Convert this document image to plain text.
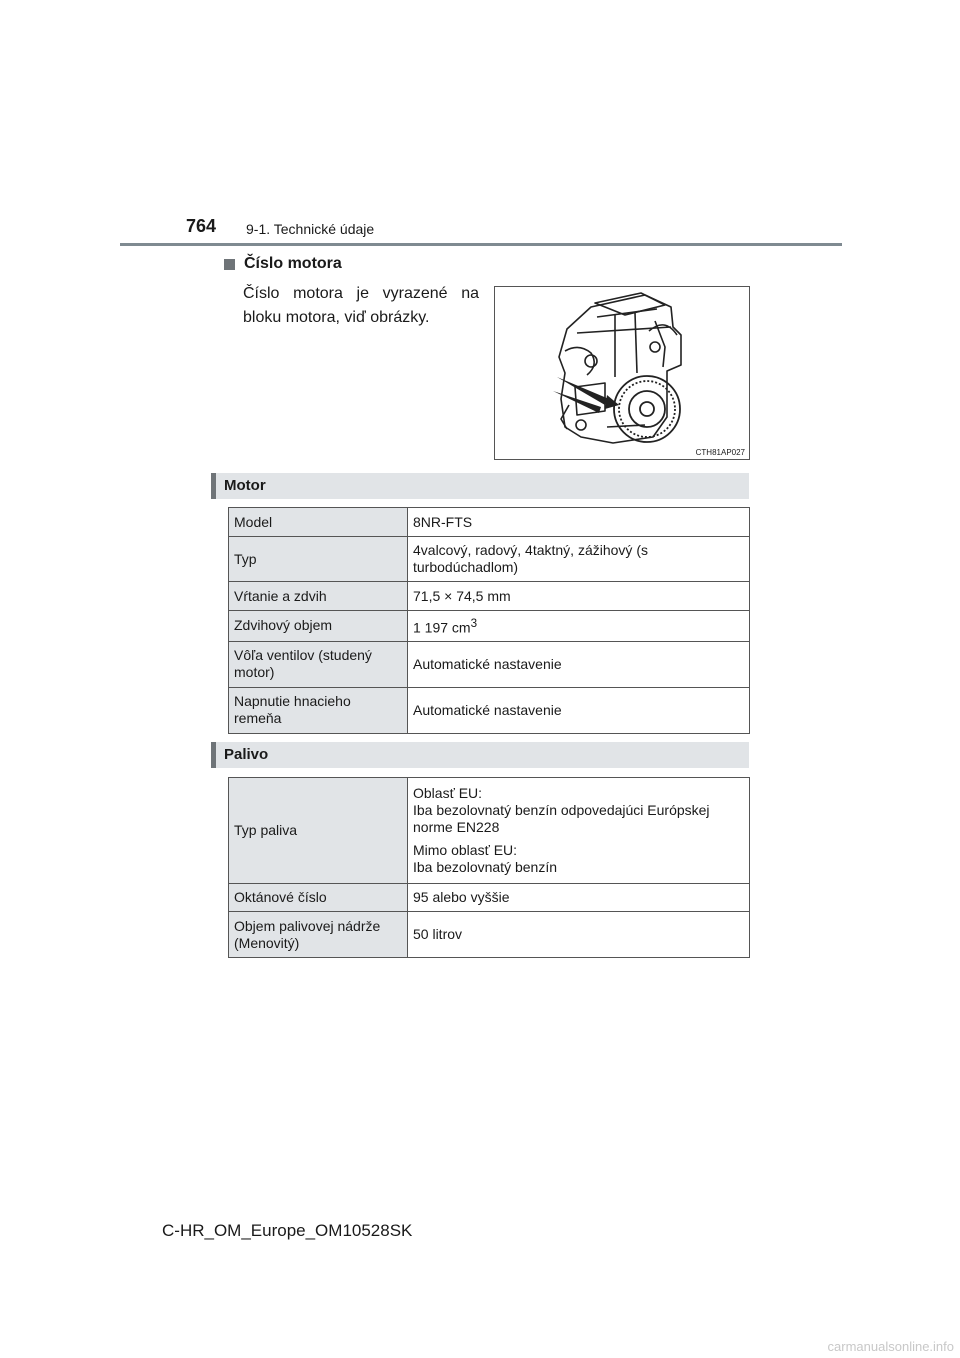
764 9-1. Technické údaje
Číslo motora
Číslo motora je vyrazené na bloku motora, viď obrázky.
CTH81AP027
Motor
Model	8NR-FTS
Typ	4valcový, radový, 4taktný, zážihový (s turbodúchadlom)
Vŕtanie a zdvih	71,5 × 74,5 mm
Zdvihový objem	1 197 $cm^3$
Vôľa ventilov (studený motor)	Automatické nastavenie
Napnutie hnacieho remeňa	Automatické nastavenie
Palivo
Typ paliva	Oblasť EU:
Iba bezolovnatý benzín odpovedajúci Európskej norme EN228

Mimo oblasť EU:
Iba bezolovnatý benzín

Oktánové číslo	95 alebo vyššie
Objem palivovej nádrže (Menovitý)	50 litrov
C-HR_OM_Europe_OM10528SK
carmanualsonline.info
